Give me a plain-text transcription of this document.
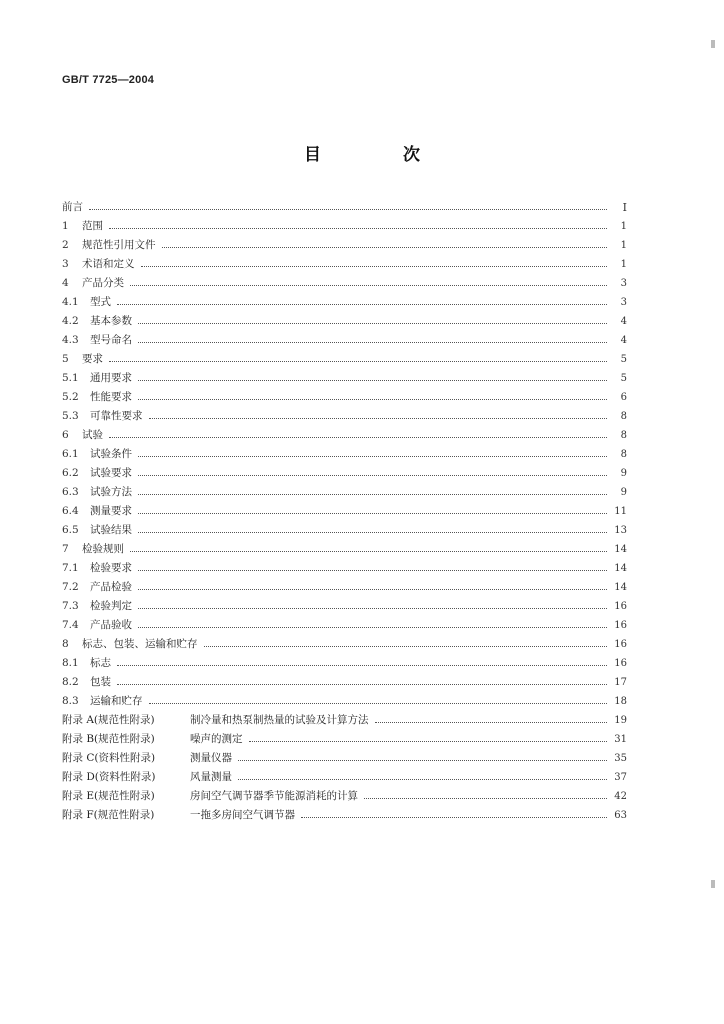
GB/T 7725—2004
目 次
前言	I
1	范围	1
2	规范性引用文件	1
3	术语和定义	1
4	产品分类	3
4.1	型式	3
4.2	基本参数	4
4.3	型号命名	4
5	要求	5
5.1	通用要求	5
5.2	性能要求	6
5.3	可靠性要求	8
6	试验	8
6.1	试验条件	8
6.2	试验要求	9
6.3	试验方法	9
6.4	测量要求	11
6.5	试验结果	13
7	检验规则	14
7.1	检验要求	14
7.2	产品检验	14
7.3	检验判定	16
7.4	产品验收	16
8	标志、包装、运输和贮存	16
8.1	标志	16
8.2	包装	17
8.3	运输和贮存	18
附录 A(规范性附录)	制冷量和热泵制热量的试验及计算方法	19
附录 B(规范性附录)	噪声的测定	31
附录 C(资料性附录)	测量仪器	35
附录 D(资料性附录)	风量测量	37
附录 E(规范性附录)	房间空气调节器季节能源消耗的计算	42
附录 F(规范性附录)	一拖多房间空气调节器	63
